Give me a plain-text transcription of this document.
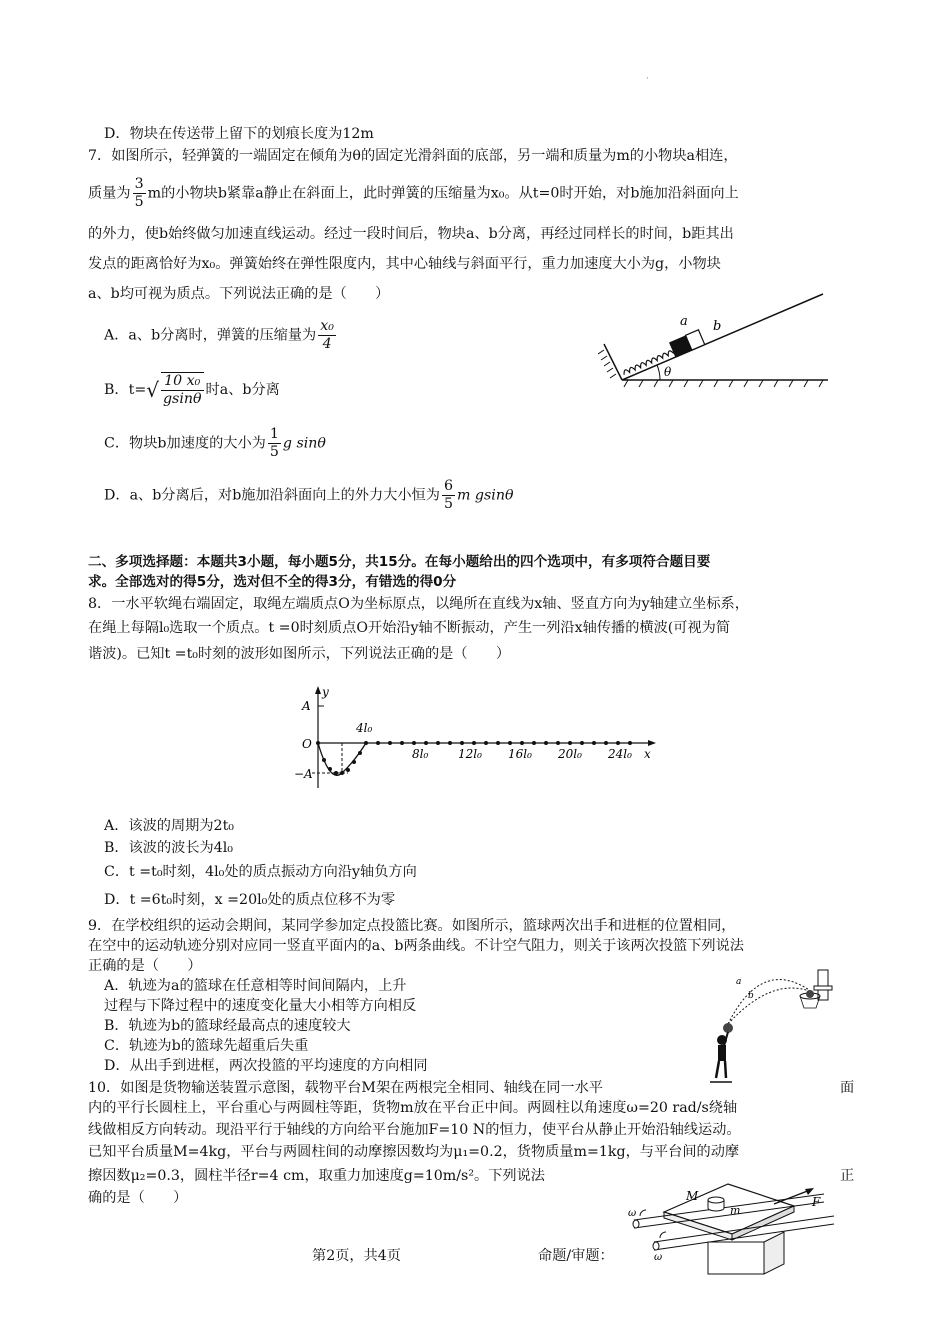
·
D．物块在传送带上留下的划痕长度为12m
7．如图所示，轻弹簧的一端固定在倾角为θ的固定光滑斜面的底部，另一端和质量为m的小物块a相连，
质量为 $\frac{3}{5}$ m的小物块b紧靠a静止在斜面上，此时弹簧的压缩量为x₀。从t=0时开始，对b施加沿斜面向上
的外力，使b始终做匀加速直线运动。经过一段时间后，物块a、b分离，再经过同样长的时间，b距其出
发点的距离恰好为x₀。弹簧始终在弹性限度内，其中心轴线与斜面平行，重力加速度大小为g，小物块
a、b均可视为质点。下列说法正确的是（　　）
A．a、b分离时，弹簧的压缩量为 $\frac{\text{x₀}}{4}$
B．$t=√ \frac{\text{10 x₀}}{gsin\theta}$ 时a、b分离
C．物块b加速度的大小为 $\frac{1}{5}$ g sinθ
D．a、b分离后，对b施加沿斜面向上的外力大小恒为 $\frac{6}{5}$ m gsinθ
a b
θ
二、多项选择题：本题共3小题，每小题5分，共15分。在每小题给出的四个选项中，有多项符合题目要
求。全部选对的得5分，选对但不全的得3分，有错选的得0分
8．一水平软绳右端固定，取绳左端质点O为坐标原点，以绳所在直线为x轴、竖直方向为y轴建立坐标系，
在绳上每隔l₀选取一个质点。t =0时刻质点O开始沿y轴不断振动，产生一列沿x轴传播的横波(可视为简
谐波)。已知t =t₀时刻的波形如图所示，下列说法正确的是（　　）
y
x
A
O
−A
4l₀
8l₀ 12l₀ 16l₀ 20l₀ 24l₀
A．该波的周期为2t₀
B．该波的波长为4l₀
C．t =t₀时刻，4l₀处的质点振动方向沿y轴负方向
D．t =6t₀时刻，x =20l₀处的质点位移不为零
9．在学校组织的运动会期间，某同学参加定点投篮比赛。如图所示，篮球两次出手和进框的位置相同，
在空中的运动轨迹分别对应同一竖直平面内的a、b两条曲线。不计空气阻力，则关于该两次投篮下列说法
正确的是（　　）
A．轨迹为a的篮球在任意相等时间间隔内，上升
过程与下降过程中的速度变化量大小相等方向相反
B．轨迹为b的篮球经最高点的速度较大
C．轨迹为b的篮球先超重后失重
D．从出手到进框，两次投篮的平均速度的方向相同
a
b
10．如图是货物输送装置示意图，载物平台M架在两根完全相同、轴线在同一水平	面
内的平行长圆柱上，平台重心与两圆柱等距，货物m放在平台正中间。两圆柱以角速度ω=20 rad/s绕轴
线做相反方向转动。现沿平行于轴线的方向给平台施加F=10 N的恒力，使平台从静止开始沿轴线运动。
已知平台质量M=4kg，平台与两圆柱间的动摩擦因数均为μ₁=0.2，货物质量m=1kg，与平台间的动摩
擦因数μ₂=0.3，圆柱半径r=4 cm，取重力加速度g=10m/s²。下列说法	正
确的是（　　）	M
m
F
ω
ω
第2页，共4页	命题/审题：
